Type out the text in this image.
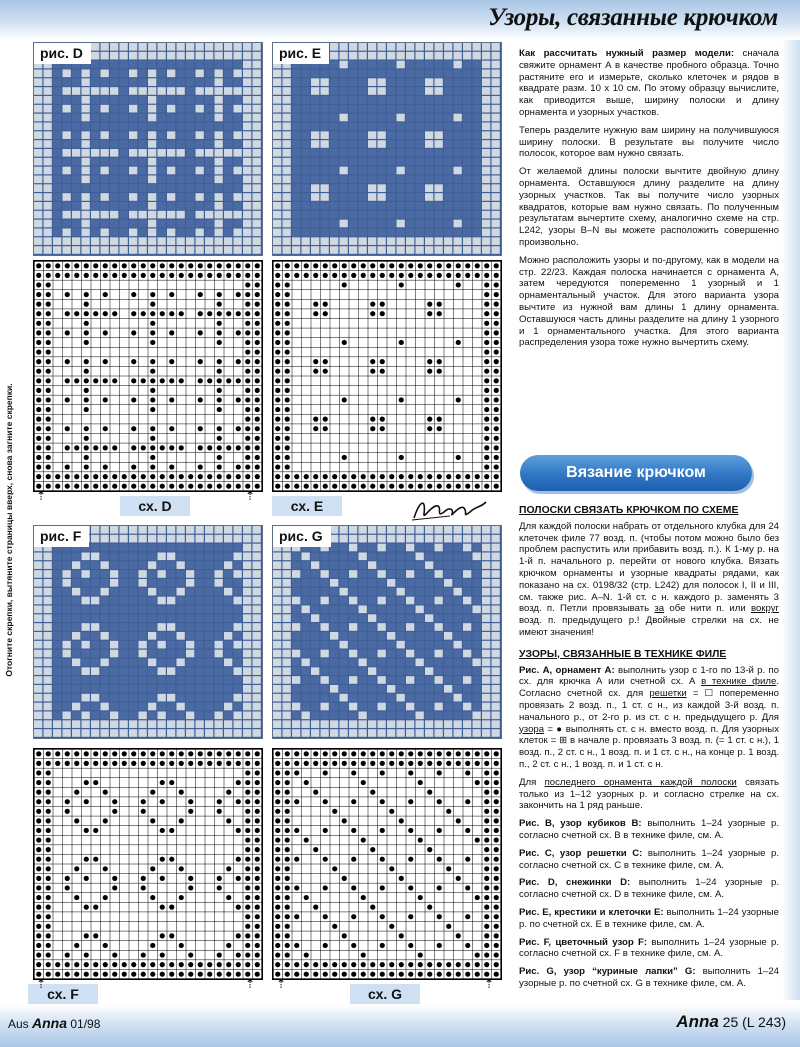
Узоры, связанные крючком
Отогните скрепки, вытяните страницы вверх, снова загните скрепки.
рис. D	рис. E
рис. F	рис. G
сх. D	сх. E
сх. F	сх. G
⇡	⇡
⇡	⇡ ⇡	⇡

Как рассчитать нужный размер модели: сначала свяжите орнамент А в качестве пробного образца. Точно растяните его и измерьте, сколько клеточек и рядов в квадрате разм. 10 х 10 см. По этому образцу вычислите, как приводится выше, ширину полоски и длину орнамента и узорных участков.

Теперь разделите нужную вам ширину на получившуюся ширину полоски. В результате вы получите число полосок, которое вам нужно связать.

От желаемой длины полоски вычтите двойную длину орнамента. Оставшуюся длину разделите на длину узорных участков. Так вы получите число узорных квадратов, которые вам нужно связать. По полученным результатам вычертите схему, аналогично схеме на стр. L242, узоры B–N вы можете расположить совершенно произвольно.

Можно расположить узоры и по-другому, как в модели на стр. 22/23. Каждая полоска начинается с орнамента А, затем чередуются попеременно 1 узорный и 1 орнаментальный участок. Для этого варианта узора вычтите из нужной вам длины 1 длину орнамента. Оставшуюся часть длины разделите на длину 1 узорного и 1 орнаментального участка. Для этого варианта распределения узора тоже нужно вычертить схему.

Вязание крючком

ПОЛОСКИ СВЯЗАТЬ КРЮЧКОМ ПО СХЕМЕ

Для каждой полоски набрать от отдельного клубка для 24 клеточек филе 77 возд. п. (чтобы потом можно было без проблем распустить или прибавить возд. п.). К 1-му р. на 1-й п. начального р. перейти от нового клубка. Вязать крючком орнаменты и узорные квадраты рядами, как показано на сх. 0198/32 (стр. L242) для полосок I, II и III, см. также рис. A–N. 1-й ст. с н. каждого р. заменять 3 возд. п. Петли провязывать за обе нити п. или вокруг возд. п. предыдущего р.! Двойные стрелки на сх. не имеют значения!

УЗОРЫ, СВЯЗАННЫЕ В ТЕХНИКЕ ФИЛЕ

Рис. А, орнамент А: выполнить узор с 1-го по 13-й р. по сх. для крючка А или счетной сх. А в технике филе. Согласно счетной сх. для решетки = ☐ попеременно провязать 2 возд. п., 1 ст. с н., из каждой 3-й возд. п. начального р., от 2-го р. из ст. с н. предыдущего р. Для узора = ● выполнять ст. с н. вместо возд. п. Для узорных клеток = ⊞ в начале р. провязать 3 возд. п. (= 1 ст. с н.), 1 возд. п., 2 ст. с н., 1 возд. п. и 1 ст. с н., на конце р. 1 возд. п., 2 ст. с н., 1 возд. п. и 1 ст. с н.

Для последнего орнамента каждой полоски связать только из 1–12 узорных р. и согласно стрелке на сх. закончить на 1 ряд раньше.

Рис. B, узор кубиков B: выполнить 1–24 узорные р. согласно счетной сх. В в технике филе, см. А.

Рис. C, узор решетки C: выполнить 1–24 узорные р. согласно счетной сх. С в технике филе, см. А.

Рис. D, снежинки D: выполнить 1–24 узорные р. согласно счетной сх. D в технике филе, см. А.

Рис. E, крестики и клеточки E: выполнить 1–24 узорные р. по счетной сх. Е в технике филе, см. А.

Рис. F, цветочный узор F: выполнить 1–24 узорные р. согласно счетной сх. F в технике филе, см. А.

Рис. G, узор “куриные лапки” G: выполнить 1–24 узорные р. по счетной сх. G в технике филе, см. А.

Aus Anna 01/98	Anna 25 (L 243)
